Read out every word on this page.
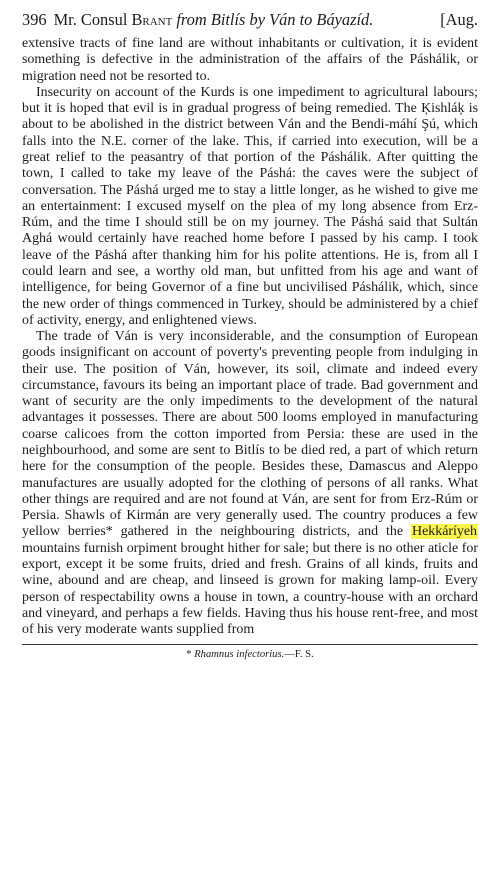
396 Mr. Consul Brant from Bitlís by Ván to Báyazíd.	[Aug.

extensive tracts of fine land are without inhabitants or cultivation, it is evident something is defective in the administration of the affairs of the Páshálik, or migration need not be resorted to.

Insecurity on account of the Kurds is one impediment to agricultural labours; but it is hoped that evil is in gradual progress of being remedied. The Ķishláķ is about to be abolished in the district between Ván and the Bendi-máhí Şú, which falls into the N.E. corner of the lake. This, if carried into execution, will be a great relief to the peasantry of that portion of the Páshálik. After quitting the town, I called to take my leave of the Páshá: the caves were the subject of conversation. The Páshá urged me to stay a little longer, as he wished to give me an entertainment: I excused myself on the plea of my long absence from Erz-Rúm, and the time I should still be on my journey. The Páshá said that Sultán Aghá would certainly have reached home before I passed by his camp. I took leave of the Páshá after thanking him for his polite attentions. He is, from all I could learn and see, a worthy old man, but unfitted from his age and want of intelligence, for being Governor of a fine but uncivilised Páshálik, which, since the new order of things commenced in Turkey, should be administered by a chief of activity, energy, and enlightened views.

The trade of Ván is very inconsiderable, and the consumption of European goods insignificant on account of poverty's preventing people from indulging in their use. The position of Ván, however, its soil, climate and indeed every circumstance, favours its being an important place of trade. Bad government and want of security are the only impediments to the development of the natural advantages it possesses. There are about 500 looms employed in manufacturing coarse calicoes from the cotton imported from Persia: these are used in the neighbourhood, and some are sent to Bitlís to be died red, a part of which return here for the consumption of the people. Besides these, Damascus and Aleppo manufactures are usually adopted for the clothing of persons of all ranks. What other things are required and are not found at Ván, are sent for from Erz-Rúm or Persia. Shawls of Kirmán are very generally used. The country produces a few yellow berries* gathered in the neighbouring districts, and the Hekkáríyeh mountains furnish orpiment brought hither for sale; but there is no other aticle for export, except it be some fruits, dried and fresh. Grains of all kinds, fruits and wine, abound and are cheap, and linseed is grown for making lamp-oil. Every person of respectability owns a house in town, a country-house with an orchard and vineyard, and perhaps a few fields. Having thus his house rent-free, and most of his very moderate wants supplied from

* Rhamnus infectorius.—F. S.
